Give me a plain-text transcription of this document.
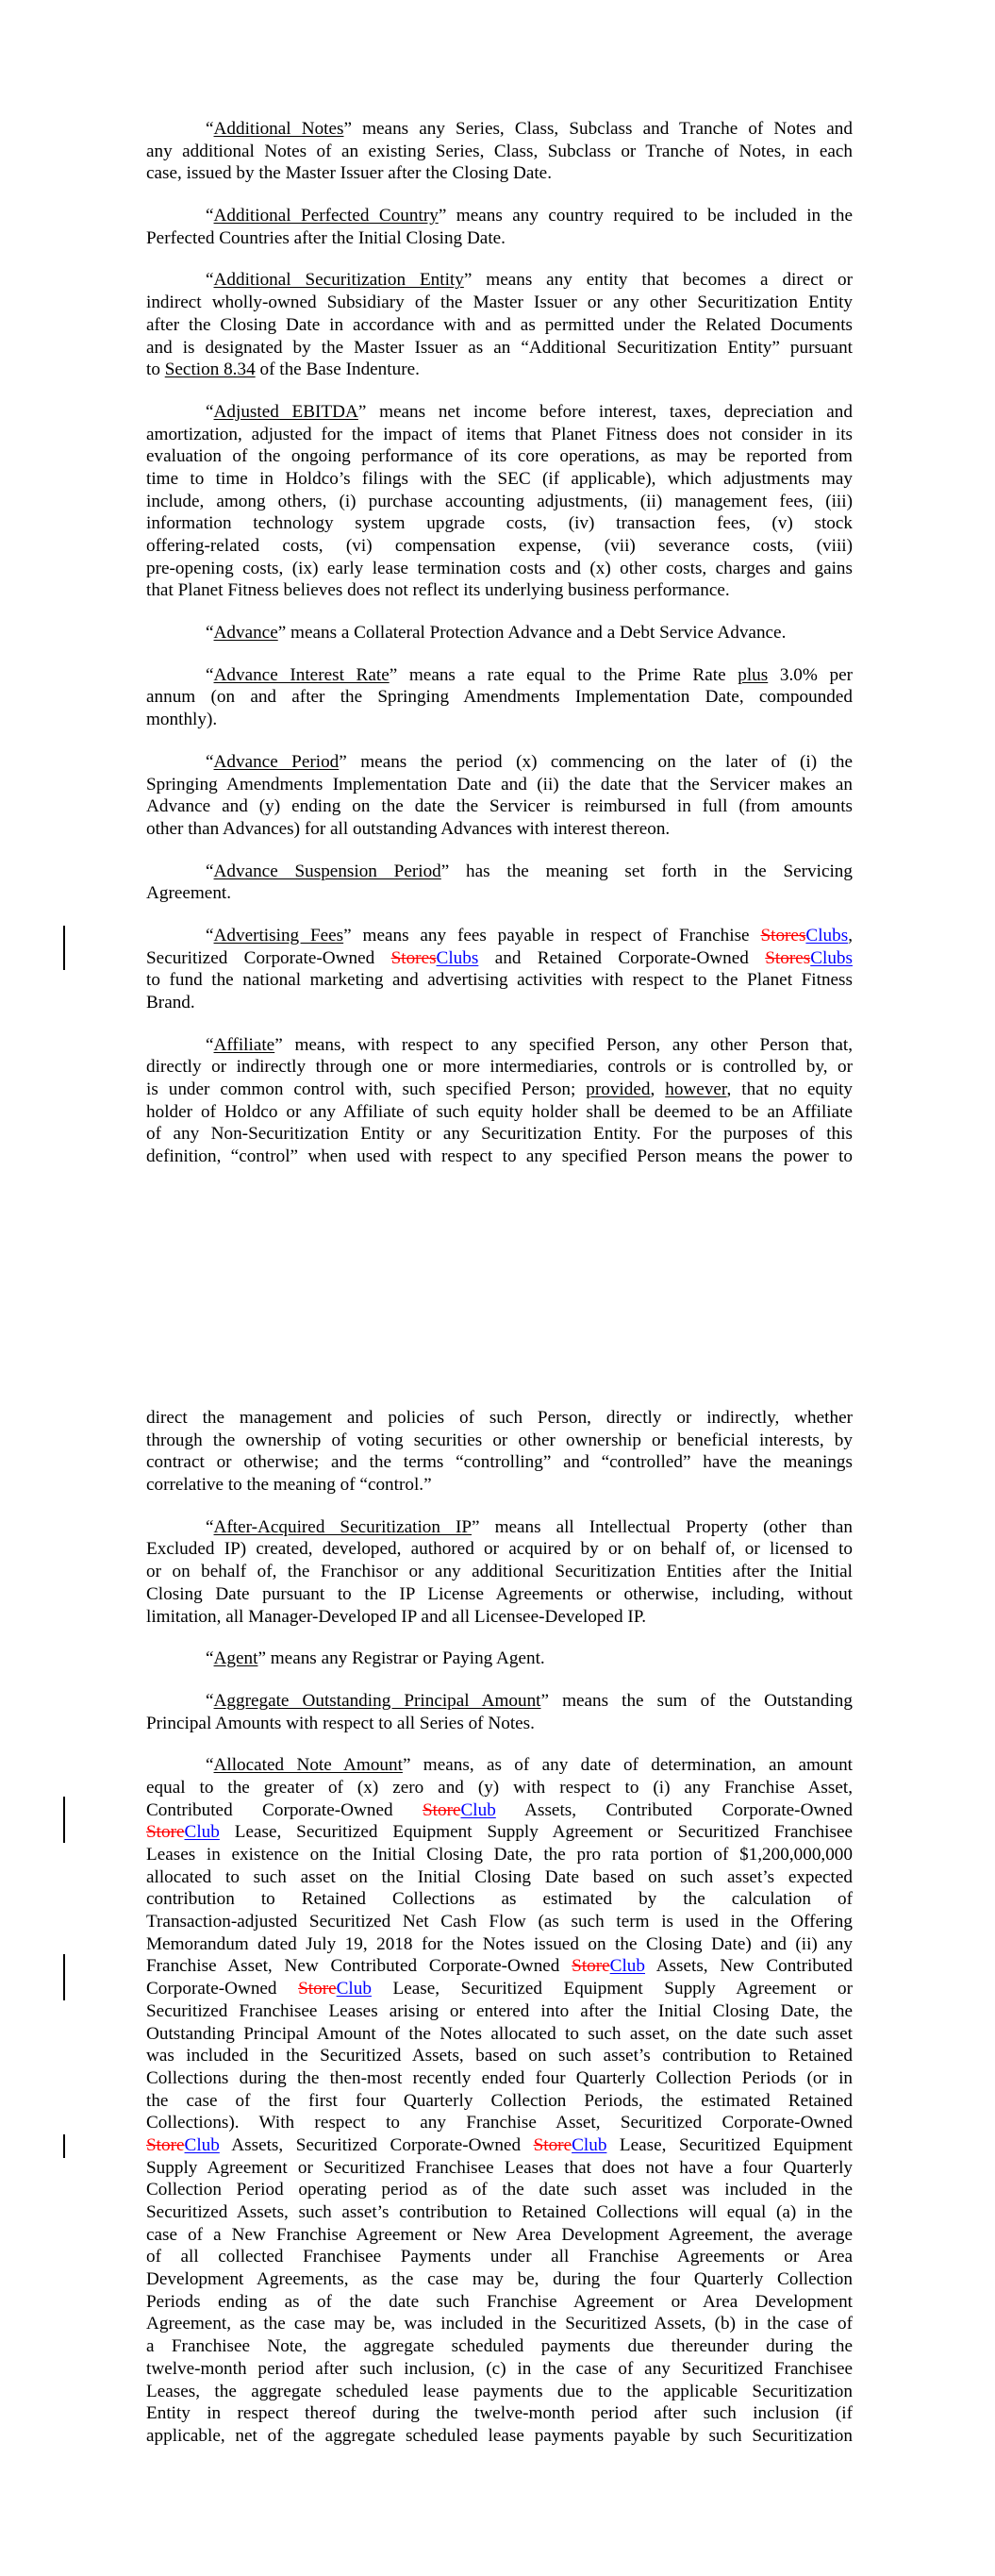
“Additional Notes” means any Series, Class, Subclass and Tranche of Notes and
any additional Notes of an existing Series, Class, Subclass or Tranche of Notes, in each
case, issued by the Master Issuer after the Closing Date.
“Additional Perfected Country” means any country required to be included in the
Perfected Countries after the Initial Closing Date.
“Additional Securitization Entity” means any entity that becomes a direct or
indirect wholly-owned Subsidiary of the Master Issuer or any other Securitization Entity
after the Closing Date in accordance with and as permitted under the Related Documents
and is designated by the Master Issuer as an “Additional Securitization Entity” pursuant
to Section 8.34 of the Base Indenture.
“Adjusted EBITDA” means net income before interest, taxes, depreciation and
amortization, adjusted for the impact of items that Planet Fitness does not consider in its
evaluation of the ongoing performance of its core operations, as may be reported from
time to time in Holdco’s filings with the SEC (if applicable), which adjustments may
include, among others, (i) purchase accounting adjustments, (ii) management fees, (iii)
information technology system upgrade costs, (iv) transaction fees, (v) stock
offering-related costs, (vi) compensation expense, (vii) severance costs, (viii)
pre-opening costs, (ix) early lease termination costs and (x) other costs, charges and gains
that Planet Fitness believes does not reflect its underlying business performance.
“Advance” means a Collateral Protection Advance and a Debt Service Advance.
“Advance Interest Rate” means a rate equal to the Prime Rate plus 3.0% per
annum (on and after the Springing Amendments Implementation Date, compounded
monthly).
“Advance Period” means the period (x) commencing on the later of (i) the
Springing Amendments Implementation Date and (ii) the date that the Servicer makes an
Advance and (y) ending on the date the Servicer is reimbursed in full (from amounts
other than Advances) for all outstanding Advances with interest thereon.
“Advance Suspension Period” has the meaning set forth in the Servicing
Agreement.
“Advertising Fees” means any fees payable in respect of Franchise StoresClubs,
Securitized Corporate-Owned StoresClubs and Retained Corporate-Owned StoresClubs
to fund the national marketing and advertising activities with respect to the Planet Fitness
Brand.
“Affiliate” means, with respect to any specified Person, any other Person that,
directly or indirectly through one or more intermediaries, controls or is controlled by, or
is under common control with, such specified Person; provided, however, that no equity
holder of Holdco or any Affiliate of such equity holder shall be deemed to be an Affiliate
of any Non-Securitization Entity or any Securitization Entity. For the purposes of this
definition, “control” when used with respect to any specified Person means the power to
direct the management and policies of such Person, directly or indirectly, whether
through the ownership of voting securities or other ownership or beneficial interests, by
contract or otherwise; and the terms “controlling” and “controlled” have the meanings
correlative to the meaning of “control.”
“After-Acquired Securitization IP” means all Intellectual Property (other than
Excluded IP) created, developed, authored or acquired by or on behalf of, or licensed to
or on behalf of, the Franchisor or any additional Securitization Entities after the Initial
Closing Date pursuant to the IP License Agreements or otherwise, including, without
limitation, all Manager-Developed IP and all Licensee-Developed IP.
“Agent” means any Registrar or Paying Agent.
“Aggregate Outstanding Principal Amount” means the sum of the Outstanding
Principal Amounts with respect to all Series of Notes.
“Allocated Note Amount” means, as of any date of determination, an amount
equal to the greater of (x) zero and (y) with respect to (i) any Franchise Asset,
Contributed Corporate-Owned StoreClub Assets, Contributed Corporate-Owned
StoreClub Lease, Securitized Equipment Supply Agreement or Securitized Franchisee
Leases in existence on the Initial Closing Date, the pro rata portion of $1,200,000,000
allocated to such asset on the Initial Closing Date based on such asset’s expected
contribution to Retained Collections as estimated by the calculation of
Transaction-adjusted Securitized Net Cash Flow (as such term is used in the Offering
Memorandum dated July 19, 2018 for the Notes issued on the Closing Date) and (ii) any
Franchise Asset, New Contributed Corporate-Owned StoreClub Assets, New Contributed
Corporate-Owned StoreClub Lease, Securitized Equipment Supply Agreement or
Securitized Franchisee Leases arising or entered into after the Initial Closing Date, the
Outstanding Principal Amount of the Notes allocated to such asset, on the date such asset
was included in the Securitized Assets, based on such asset’s contribution to Retained
Collections during the then-most recently ended four Quarterly Collection Periods (or in
the case of the first four Quarterly Collection Periods, the estimated Retained
Collections). With respect to any Franchise Asset, Securitized Corporate-Owned
StoreClub Assets, Securitized Corporate-Owned StoreClub Lease, Securitized Equipment
Supply Agreement or Securitized Franchisee Leases that does not have a four Quarterly
Collection Period operating period as of the date such asset was included in the
Securitized Assets, such asset’s contribution to Retained Collections will equal (a) in the
case of a New Franchise Agreement or New Area Development Agreement, the average
of all collected Franchisee Payments under all Franchise Agreements or Area
Development Agreements, as the case may be, during the four Quarterly Collection
Periods ending as of the date such Franchise Agreement or Area Development
Agreement, as the case may be, was included in the Securitized Assets, (b) in the case of
a Franchisee Note, the aggregate scheduled payments due thereunder during the
twelve-month period after such inclusion, (c) in the case of any Securitized Franchisee
Leases, the aggregate scheduled lease payments due to the applicable Securitization
Entity in respect thereof during the twelve-month period after such inclusion (if
applicable, net of the aggregate scheduled lease payments payable by such Securitization
